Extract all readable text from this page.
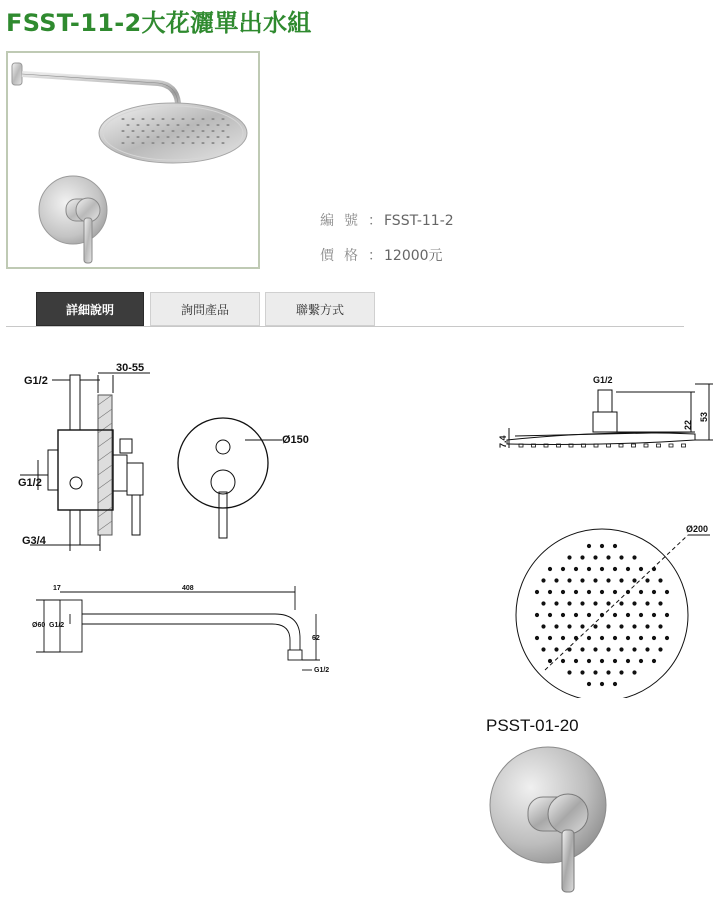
FSST-11-2大花灑單出水組
編號： FSST-11-2
價格： 12000元
詳細說明	詢問產品	聯繫方式
G1/2
30-55
G1/2
G3/4
Ø150
G1/2
22
53
7.4
17	408
Ø60 G1/2
62
G1/2
Ø200
PSST-01-20
